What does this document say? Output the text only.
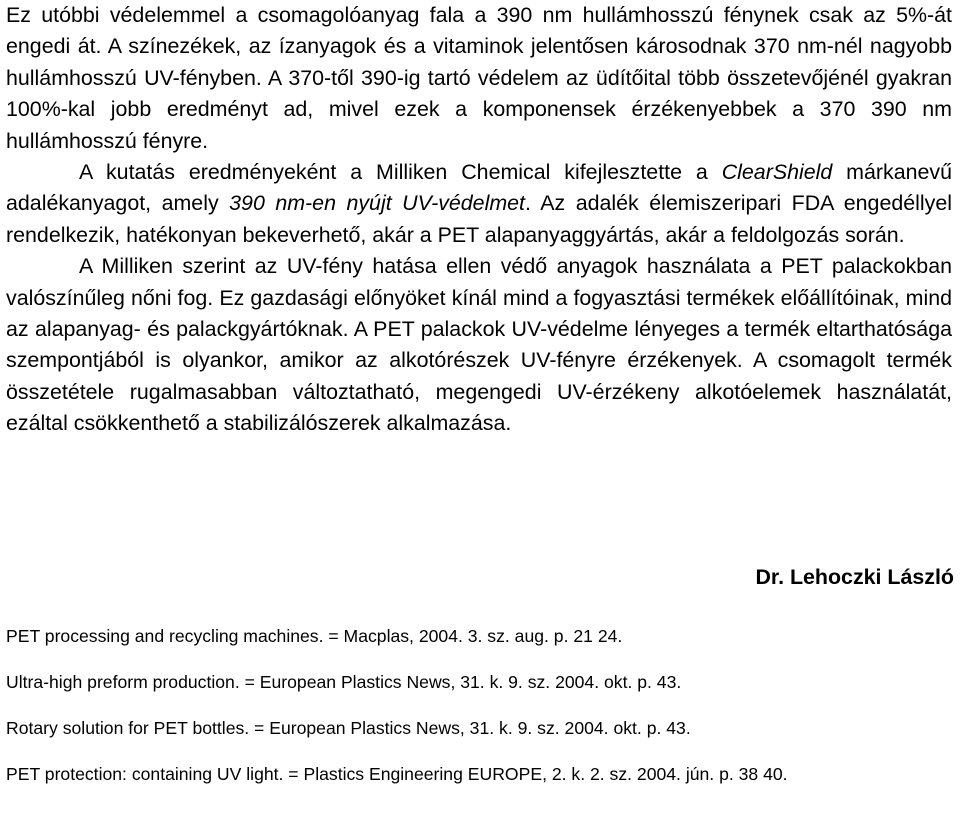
Ez utóbbi védelemmel a csomagolóanyag fala a 390 nm hullámhosszú fénynek csak az 5%-át engedi át. A színezékek, az ízanyagok és a vitaminok jelentősen károsodnak 370 nm-nél nagyobb hullámhosszú UV-fényben. A 370-től 390-ig tartó védelem az üdítőital több összetevőjénél gyakran 100%-kal jobb eredményt ad, mivel ezek a komponensek érzékenyebbek a 370 390 nm hullámhosszú fényre.

A kutatás eredményeként a Milliken Chemical kifejlesztette a ClearShield márkanevű adalékanyagot, amely 390 nm-en nyújt UV-védelmet. Az adalék élemiszeripari FDA engedéllyel rendelkezik, hatékonyan bekeverhető, akár a PET alapanyaggyártás, akár a feldolgozás során.

A Milliken szerint az UV-fény hatása ellen védő anyagok használata a PET palackokban valószínűleg nőni fog. Ez gazdasági előnyöket kínál mind a fogyasztási termékek előállítóinak, mind az alapanyag- és palackgyártóknak. A PET palackok UV-védelme lényeges a termék eltarthatósága szempontjából is olyankor, amikor az alkotórészek UV-fényre érzékenyek. A csomagolt termék összetétele rugalmasabban változtatható, megengedi UV-érzékeny alkotóelemek használatát, ezáltal csökkenthető a stabilizálószerek alkalmazása.

Dr. Lehoczki László

PET processing and recycling machines. = Macplas, 2004. 3. sz. aug. p. 21 24.

Ultra-high preform production. = European Plastics News, 31. k. 9. sz. 2004. okt. p. 43.

Rotary solution for PET bottles. = European Plastics News, 31. k. 9. sz. 2004. okt. p. 43.

PET protection: containing UV light. = Plastics Engineering EUROPE, 2. k. 2. sz. 2004. jún. p. 38 40.
